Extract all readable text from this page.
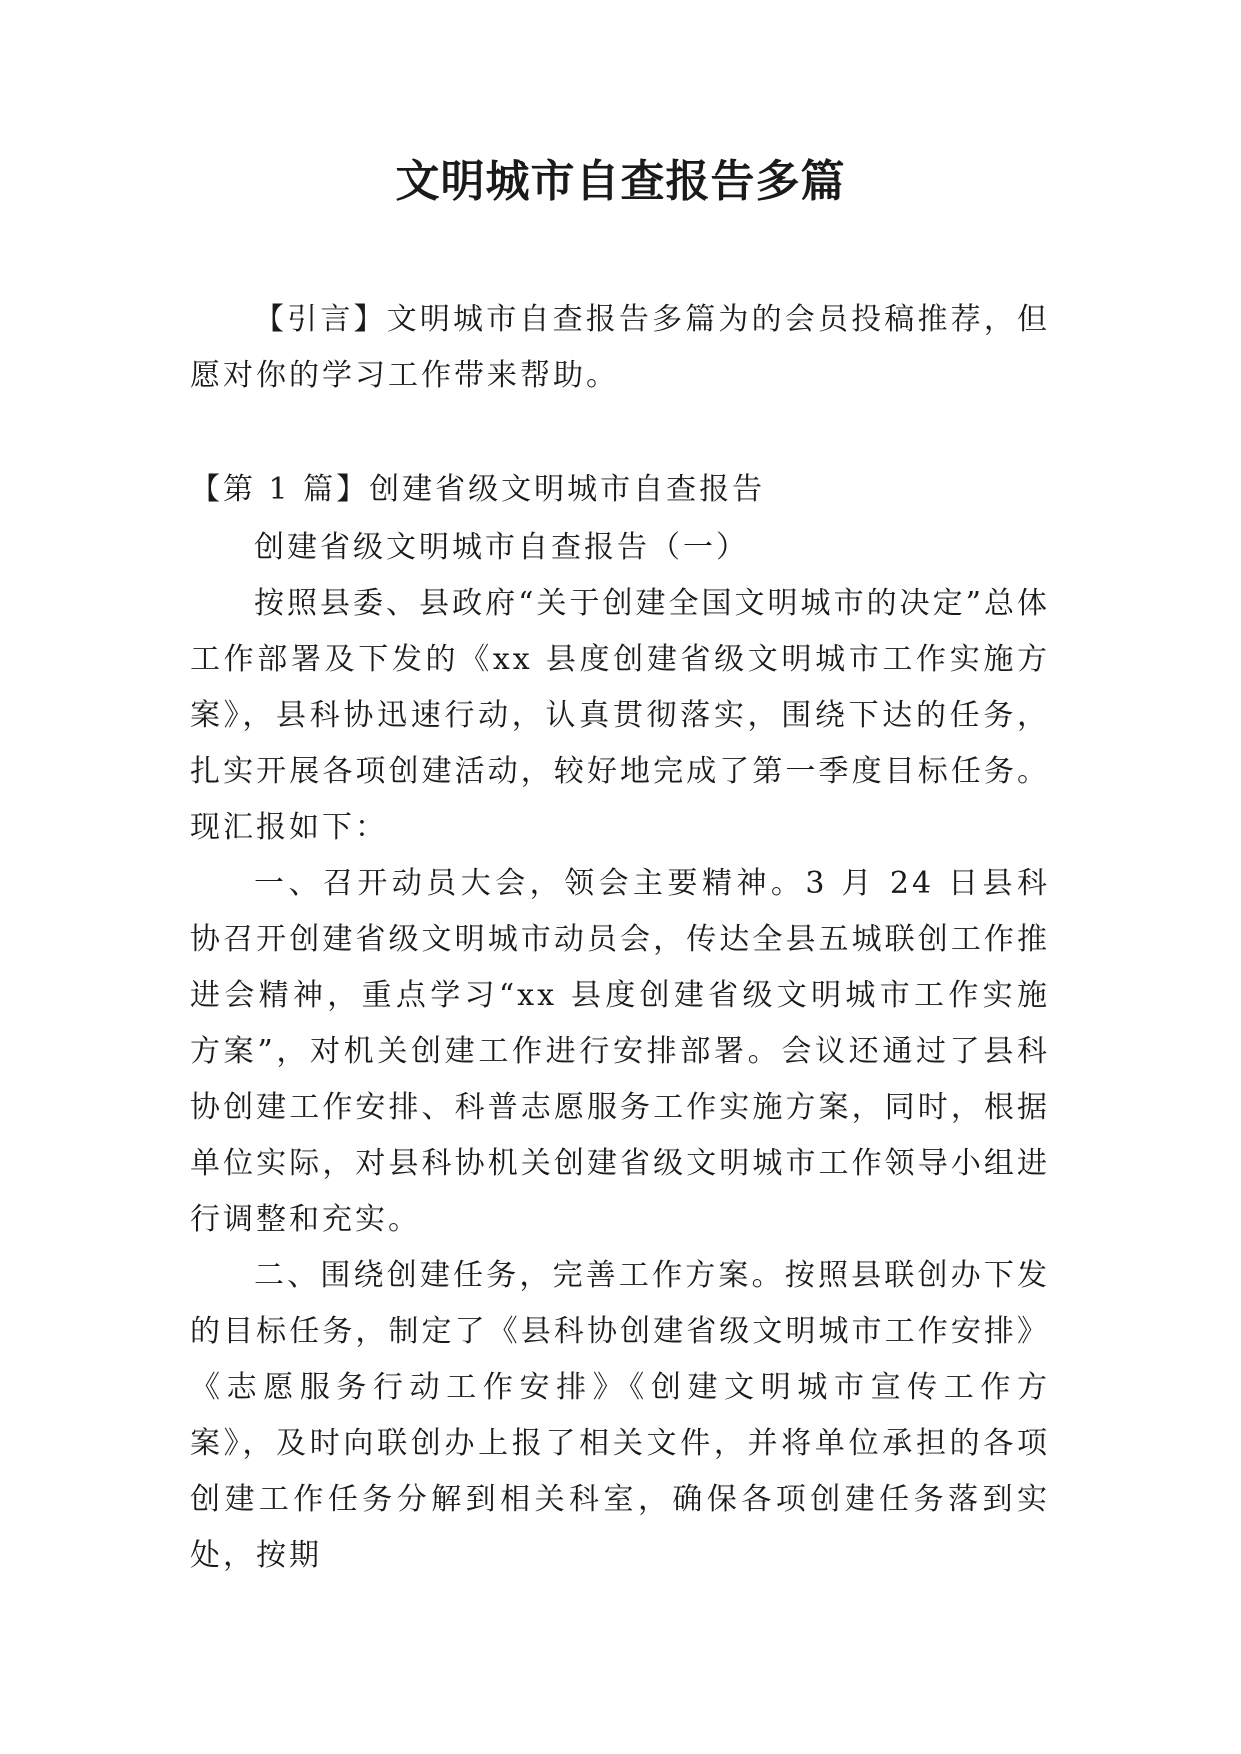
文明城市自查报告多篇

【引言】文明城市自查报告多篇为的会员投稿推荐，但愿对你的学习工作带来帮助。

【第 1 篇】创建省级文明城市自查报告

创建省级文明城市自查报告（一）

按照县委、县政府“关于创建全国文明城市的决定”总体工作部署及下发的《xx 县度创建省级文明城市工作实施方案》，县科协迅速行动，认真贯彻落实，围绕下达的任务，扎实开展各项创建活动，较好地完成了第一季度目标任务。现汇报如下：

一、召开动员大会，领会主要精神。3 月 24 日县科协召开创建省级文明城市动员会，传达全县五城联创工作推进会精神，重点学习“xx 县度创建省级文明城市工作实施方案”，对机关创建工作进行安排部署。会议还通过了县科协创建工作安排、科普志愿服务工作实施方案，同时，根据单位实际，对县科协机关创建省级文明城市工作领导小组进行调整和充实。

二、围绕创建任务，完善工作方案。按照县联创办下发的目标任务，制定了《县科协创建省级文明城市工作安排》《志愿服务行动工作安排》《创建文明城市宣传工作方案》，及时向联创办上报了相关文件，并将单位承担的各项创建工作任务分解到相关科室，确保各项创建任务落到实处，按期
